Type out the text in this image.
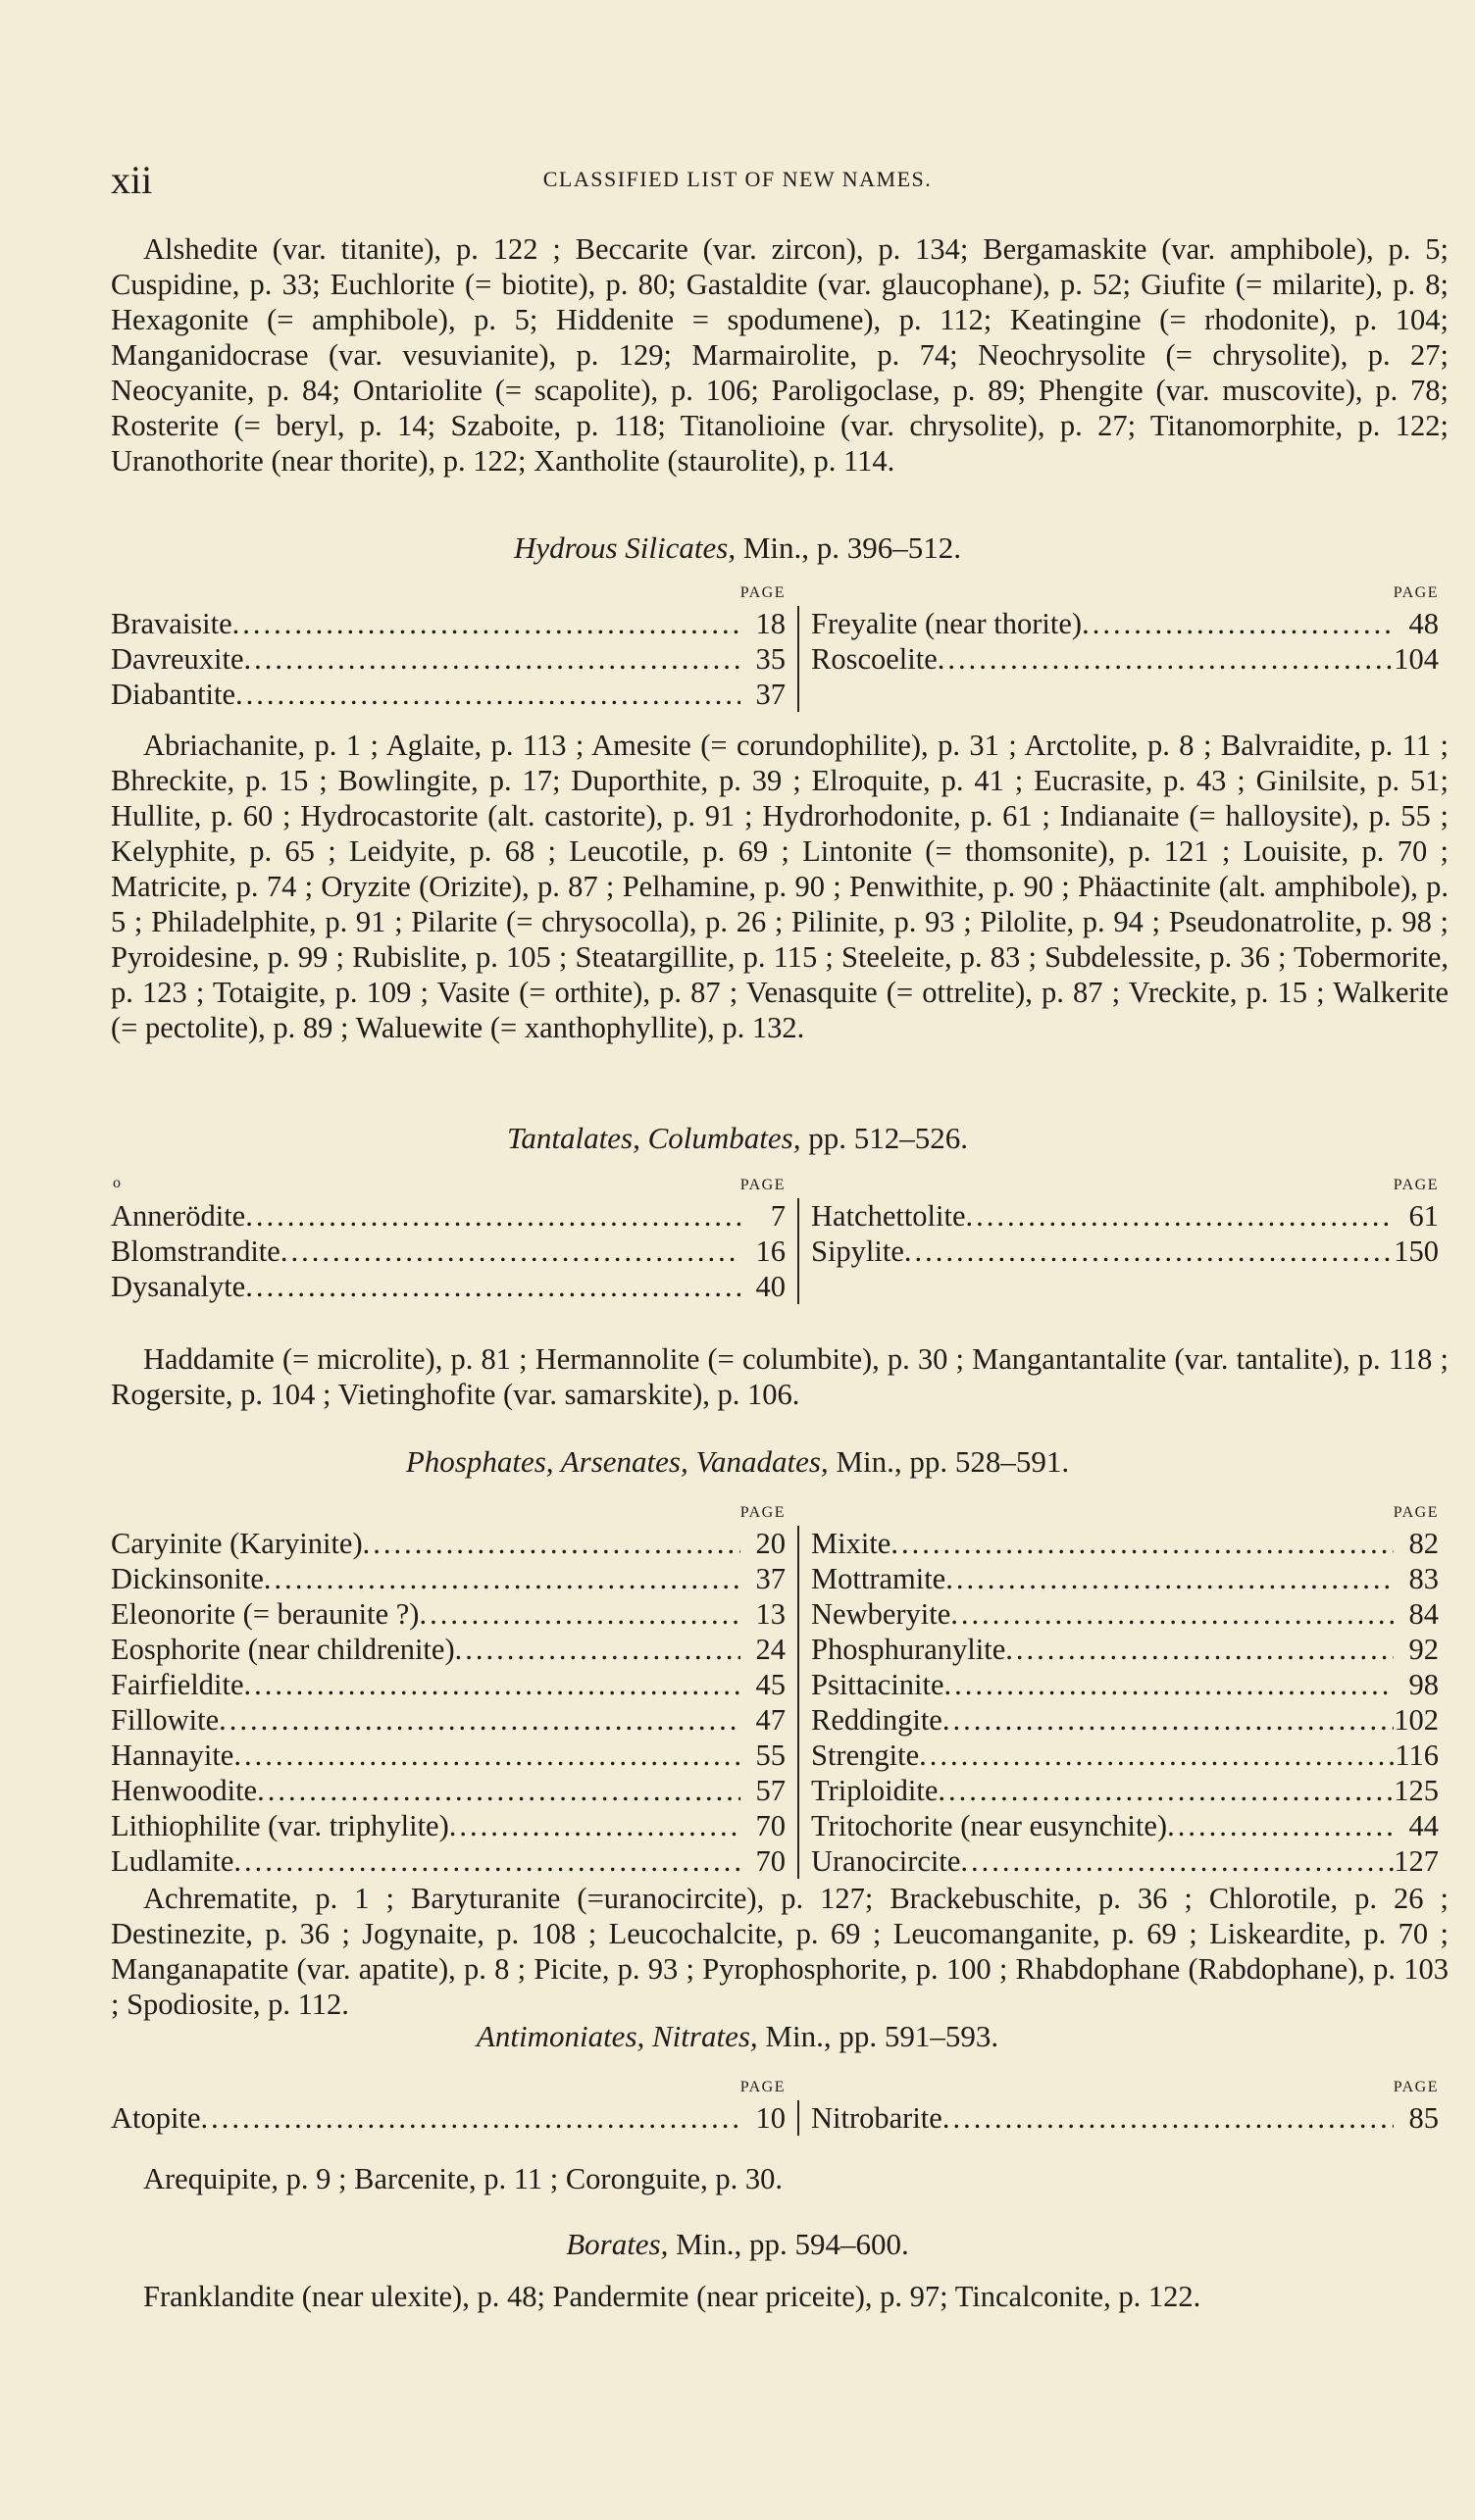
xii	CLASSIFIED LIST OF NEW NAMES.

Alshedite (var. titanite), p. 122 ; Beccarite (var. zircon), p. 134; Bergamaskite (var. amphibole), p. 5; Cuspidine, p. 33; Euchlorite (= biotite), p. 80; Gastaldite (var. glaucophane), p. 52; Giufite (= milarite), p. 8; Hexagonite (= amphibole), p. 5; Hiddenite = spodumene), p. 112; Keatingine (= rhodonite), p. 104; Manganidocrase (var. vesuvianite), p. 129; Marmairolite, p. 74; Neochrysolite (= chrysolite), p. 27; Neocyanite, p. 84; Ontariolite (= scapolite), p. 106; Paroligoclase, p. 89; Phengite (var. muscovite), p. 78; Rosterite (= beryl, p. 14; Szaboite, p. 118; Titanolioine (var. chrysolite), p. 27; Titanomorphite, p. 122; Uranothorite (near thorite), p. 122; Xantholite (staurolite), p. 114.

Hydrous Silicates, Min., p. 396–512.

PAGE
Bravaisite .....	18
Davreuxite .....	35
Diabantite .....	37
PAGE
Freyalite (near thorite) .....	48
Roscoelite .....	104

Abriachanite, p. 1 ; Aglaite, p. 113 ; Amesite (= corundophilite), p. 31 ; Arctolite, p. 8 ; Balvraidite, p. 11 ; Bhreckite, p. 15 ; Bowlingite, p. 17; Duporthite, p. 39 ; Elroquite, p. 41 ; Eucrasite, p. 43 ; Ginilsite, p. 51; Hullite, p. 60 ; Hydrocastorite (alt. castorite), p. 91 ; Hydrorhodonite, p. 61 ; Indianaite (= halloysite), p. 55 ; Kelyphite, p. 65 ; Leidyite, p. 68 ; Leucotile, p. 69 ; Lintonite (= thomsonite), p. 121 ; Louisite, p. 70 ; Matricite, p. 74 ; Oryzite (Orizite), p. 87 ; Pelhamine, p. 90 ; Penwithite, p. 90 ; Phäactinite (alt. amphibole), p. 5 ; Philadelphite, p. 91 ; Pilarite (= chrysocolla), p. 26 ; Pilinite, p. 93 ; Pilolite, p. 94 ; Pseudonatrolite, p. 98 ; Pyroidesine, p. 99 ; Rubislite, p. 105 ; Steatargillite, p. 115 ; Steeleite, p. 83 ; Subdelessite, p. 36 ; Tobermorite, p. 123 ; Totaigite, p. 109 ; Vasite (= orthite), p. 87 ; Venasquite (= ottrelite), p. 87 ; Vreckite, p. 15 ; Walkerite (= pectolite), p. 89 ; Waluewite (= xanthophyllite), p. 132.

Tantalates, Columbates, pp. 512–526.

PAGE
o
Annerödite .....	7
Blomstrandite .....	16
Dysanalyte .....	40
PAGE
Hatchettolite .....	61
Sipylite .....	150

Haddamite (= microlite), p. 81 ; Hermannolite (= columbite), p. 30 ; Mangantantalite (var. tantalite), p. 118 ; Rogersite, p. 104 ; Vietinghofite (var. samarskite), p. 106.

Phosphates, Arsenates, Vanadates, Min., pp. 528–591.

PAGE
Caryinite (Karyinite) .....	20
Dickinsonite .....	37
Eleonorite (= beraunite ?) .....	13
Eosphorite (near childrenite) .....	24
Fairfieldite .....	45
Fillowite .....	47
Hannayite .....	55
Henwoodite .....	57
Lithiophilite (var. triphylite) .....	70
Ludlamite .....	70
PAGE
Mixite .....	82
Mottramite .....	83
Newberyite .....	84
Phosphuranylite .....	92
Psittacinite .....	98
Reddingite .....	102
Strengite .....	116
Triploidite .....	125
Tritochorite (near eusynchite) .....	44
Uranocircite .....	127

Achrematite, p. 1 ; Baryturanite (=uranocircite), p. 127; Brackebuschite, p. 36 ; Chlorotile, p. 26 ; Destinezite, p. 36 ; Jogynaite, p. 108 ; Leucochalcite, p. 69 ; Leucomanganite, p. 69 ; Liskeardite, p. 70 ; Manganapatite (var. apatite), p. 8 ; Picite, p. 93 ; Pyrophosphorite, p. 100 ; Rhabdophane (Rabdophane), p. 103 ; Spodiosite, p. 112.

Antimoniates, Nitrates, Min., pp. 591–593.

PAGE
Atopite .....	10
PAGE
Nitrobarite .....	85

Arequipite, p. 9 ; Barcenite, p. 11 ; Coronguite, p. 30.

Borates, Min., pp. 594–600.

Franklandite (near ulexite), p. 48; Pandermite (near priceite), p. 97; Tincalconite, p. 122.
